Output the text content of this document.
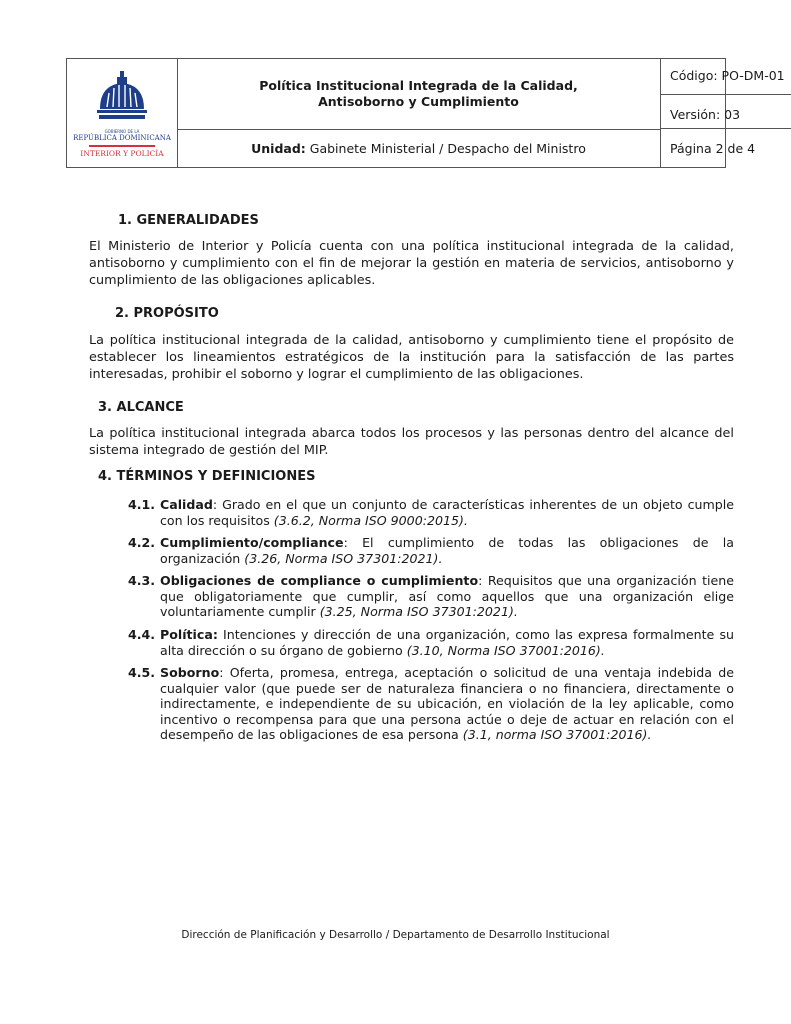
GOBIERNO DE LA
REPÚBLICA DOMINICANA
INTERIOR Y POLICÍA
Política Institucional Integrada de la Calidad,
Antisoborno y Cumplimiento
Código: PO-DM-01
Versión: 03
Unidad: Gabinete Ministerial / Despacho del Ministro	Página 2 de 4
1. GENERALIDADES
El Ministerio de Interior y Policía cuenta con una política institucional integrada de la calidad, antisoborno y cumplimiento con el fin de mejorar la gestión en materia de servicios, antisoborno y cumplimiento de las obligaciones aplicables.
2. PROPÓSITO
La política institucional integrada de la calidad, antisoborno y cumplimiento tiene el propósito de establecer los lineamientos estratégicos de la institución para la satisfacción de las partes interesadas, prohibir el soborno y lograr el cumplimiento de las obligaciones.
3. ALCANCE
La política institucional integrada abarca todos los procesos y las personas dentro del alcance del sistema integrado de gestión del MIP.
4. TÉRMINOS Y DEFINICIONES
4.1. Calidad: Grado en el que un conjunto de características inherentes de un objeto cumple con los requisitos (3.6.2, Norma ISO 9000:2015).
4.2. Cumplimiento/compliance: El cumplimiento de todas las obligaciones de la organización (3.26, Norma ISO 37301:2021).
4.3. Obligaciones de compliance o cumplimiento: Requisitos que una organización tiene que obligatoriamente que cumplir, así como aquellos que una organización elige voluntariamente cumplir (3.25, Norma ISO 37301:2021).
4.4. Política: Intenciones y dirección de una organización, como las expresa formalmente su alta dirección o su órgano de gobierno (3.10, Norma ISO 37001:2016).
4.5. Soborno: Oferta, promesa, entrega, aceptación o solicitud de una ventaja indebida de cualquier valor (que puede ser de naturaleza financiera o no financiera, directamente o indirectamente, e independiente de su ubicación, en violación de la ley aplicable, como incentivo o recompensa para que una persona actúe o deje de actuar en relación con el desempeño de las obligaciones de esa persona (3.1, norma ISO 37001:2016).
Dirección de Planificación y Desarrollo / Departamento de Desarrollo Institucional
